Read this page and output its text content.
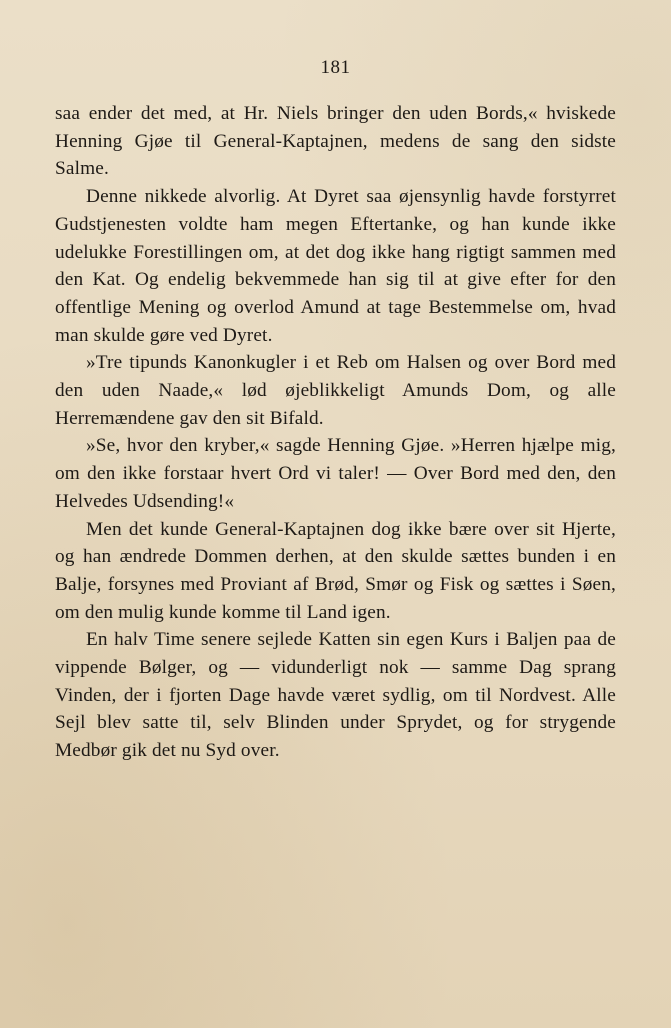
181

saa ender det med, at Hr. Niels bringer den uden Bords,« hviskede Henning Gjøe til General-Kaptajnen, medens de sang den sidste Salme.

Denne nikkede alvorlig. At Dyret saa øjensynlig havde forstyrret Gudstjenesten voldte ham megen Eftertanke, og han kunde ikke udelukke Forestillingen om, at det dog ikke hang rigtigt sammen med den Kat. Og endelig bekvemmede han sig til at give efter for den offentlige Mening og overlod Amund at tage Bestemmelse om, hvad man skulde gøre ved Dyret.

»Tre tipunds Kanonkugler i et Reb om Halsen og over Bord med den uden Naade,« lød øjeblikkeligt Amunds Dom, og alle Herremændene gav den sit Bifald.

»Se, hvor den kryber,« sagde Henning Gjøe. »Herren hjælpe mig, om den ikke forstaar hvert Ord vi taler! — Over Bord med den, den Helvedes Udsending!«

Men det kunde General-Kaptajnen dog ikke bære over sit Hjerte, og han ændrede Dommen derhen, at den skulde sættes bunden i en Balje, forsynes med Proviant af Brød, Smør og Fisk og sættes i Søen, om den mulig kunde komme til Land igen.

En halv Time senere sejlede Katten sin egen Kurs i Baljen paa de vippende Bølger, og — vidunderligt nok — samme Dag sprang Vinden, der i fjorten Dage havde været sydlig, om til Nordvest. Alle Sejl blev satte til, selv Blinden under Sprydet, og for strygende Medbør gik det nu Syd over.
